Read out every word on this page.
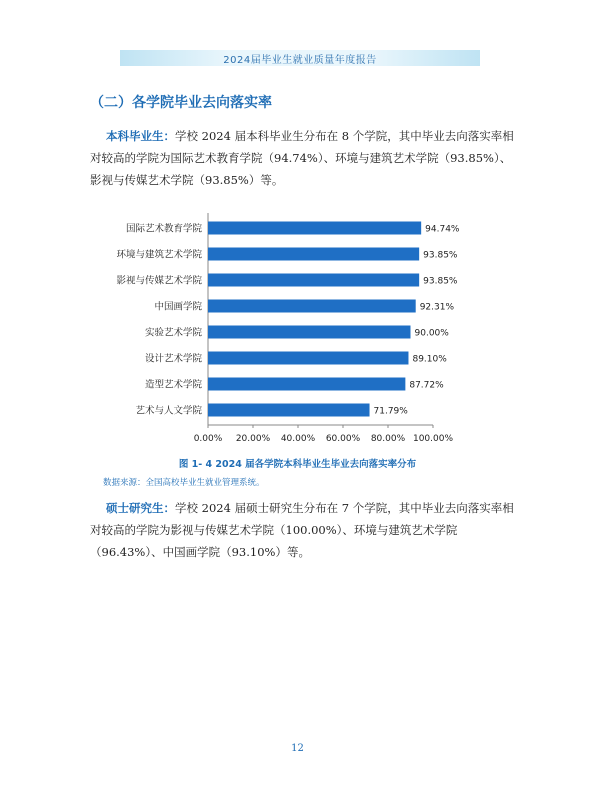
2024届毕业生就业质量年度报告
（二）各学院毕业去向落实率

本科毕业生：学校 2024 届本科毕业生分布在 8 个学院，其中毕业去向落实率相对较高的学院为国际艺术教育学院（94.74%）、环境与建筑艺术学院（93.85%）、影视与传媒艺术学院（93.85%）等。

国际艺术教育学院	94.74%
环境与建筑艺术学院	93.85%
影视与传媒艺术学院	93.85%
中国画学院	92.31%
实验艺术学院	90.00%
设计艺术学院	89.10%
造型艺术学院	87.72%
艺术与人文学院	71.79%
0.00% 20.00% 40.00% 60.00% 80.00% 100.00%
图 1- 4 2024 届各学院本科毕业生毕业去向落实率分布
数据来源：全国高校毕业生就业管理系统。

硕士研究生：学校 2024 届硕士研究生分布在 7 个学院，其中毕业去向落实率相对较高的学院为影视与传媒艺术学院（100.00%）、环境与建筑艺术学院（96.43%）、中国画学院（93.10%）等。

12
